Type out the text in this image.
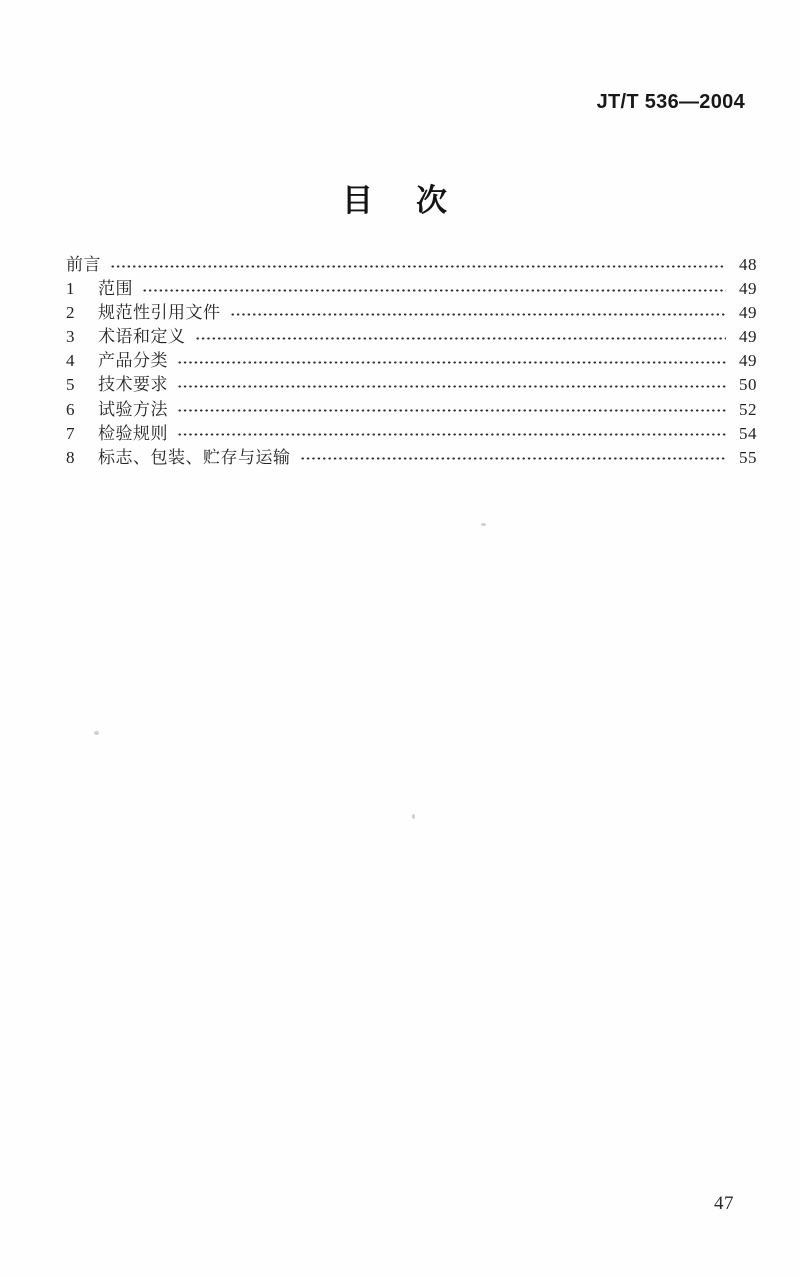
JT/T 536—2004
目 次
前言	48
1	范围	49
2	规范性引用文件	49
3	术语和定义	49
4	产品分类	49
5	技术要求	50
6	试验方法	52
7	检验规则	54
8	标志、包装、贮存与运输	55
47
